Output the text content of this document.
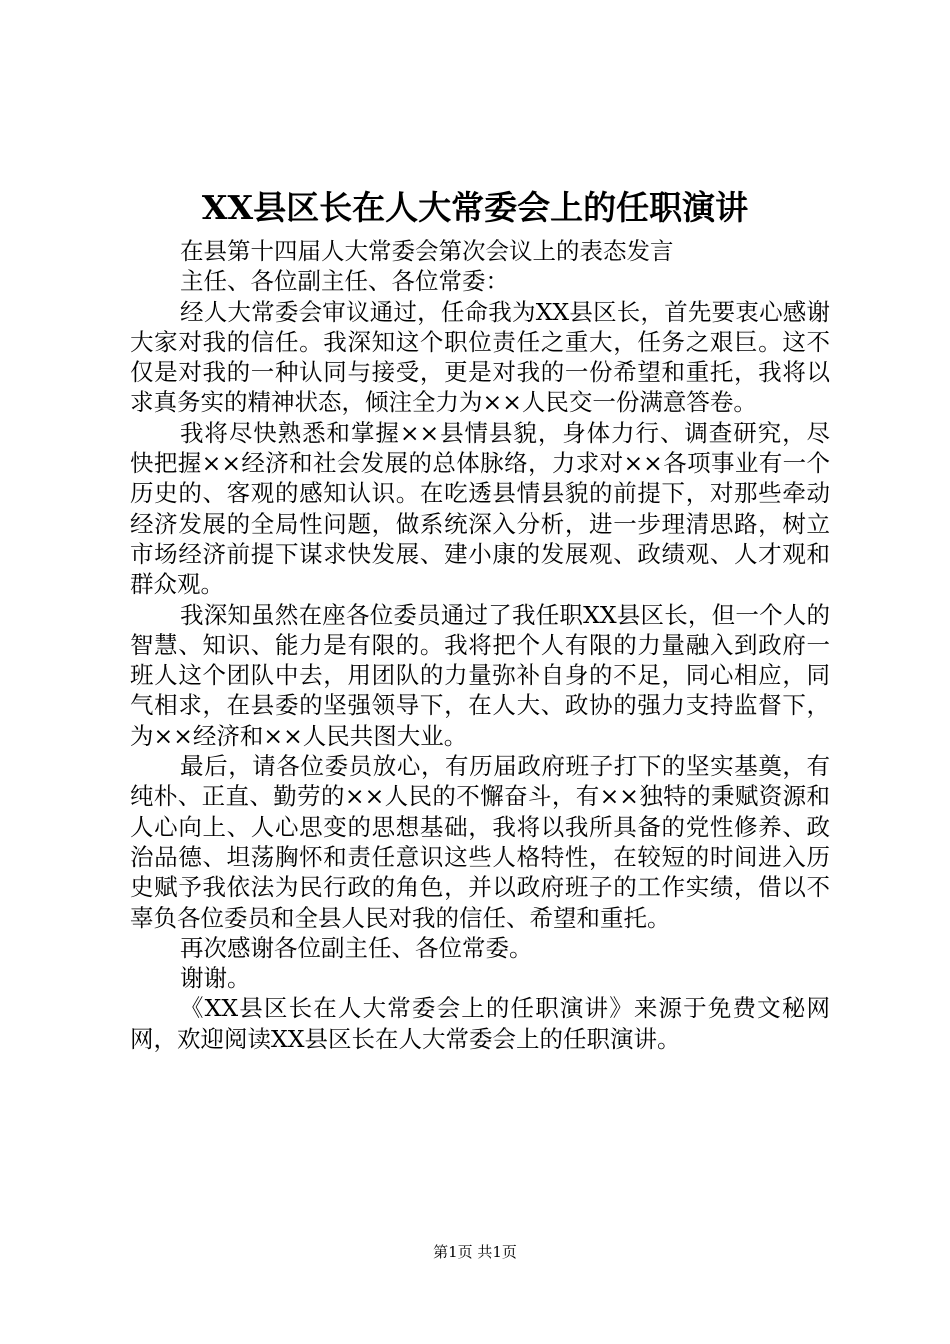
XX县区长在人大常委会上的任职演讲

在县第十四届人大常委会第次会议上的表态发言

主任、各位副主任、各位常委：

经人大常委会审议通过，任命我为XX县区长，首先要衷心感谢大家对我的信任。我深知这个职位责任之重大，任务之艰巨。这不仅是对我的一种认同与接受，更是对我的一份希望和重托，我将以求真务实的精神状态，倾注全力为××人民交一份满意答卷。

我将尽快熟悉和掌握××县情县貌，身体力行、调查研究，尽快把握××经济和社会发展的总体脉络，力求对××各项事业有一个历史的、客观的感知认识。在吃透县情县貌的前提下，对那些牵动经济发展的全局性问题，做系统深入分析，进一步理清思路，树立市场经济前提下谋求快发展、建小康的发展观、政绩观、人才观和群众观。

我深知虽然在座各位委员通过了我任职XX县区长，但一个人的智慧、知识、能力是有限的。我将把个人有限的力量融入到政府一班人这个团队中去，用团队的力量弥补自身的不足，同心相应，同气相求，在县委的坚强领导下，在人大、政协的强力支持监督下，为××经济和××人民共图大业。

最后，请各位委员放心，有历届政府班子打下的坚实基奠，有纯朴、正直、勤劳的××人民的不懈奋斗，有××独特的秉赋资源和人心向上、人心思变的思想基础，我将以我所具备的党性修养、政治品德、坦荡胸怀和责任意识这些人格特性，在较短的时间进入历史赋予我依法为民行政的角色，并以政府班子的工作实绩，借以不辜负各位委员和全县人民对我的信任、希望和重托。

再次感谢各位副主任、各位常委。

谢谢。

《XX县区长在人大常委会上的任职演讲》来源于免费文秘网网，欢迎阅读XX县区长在人大常委会上的任职演讲。

第1页 共1页
